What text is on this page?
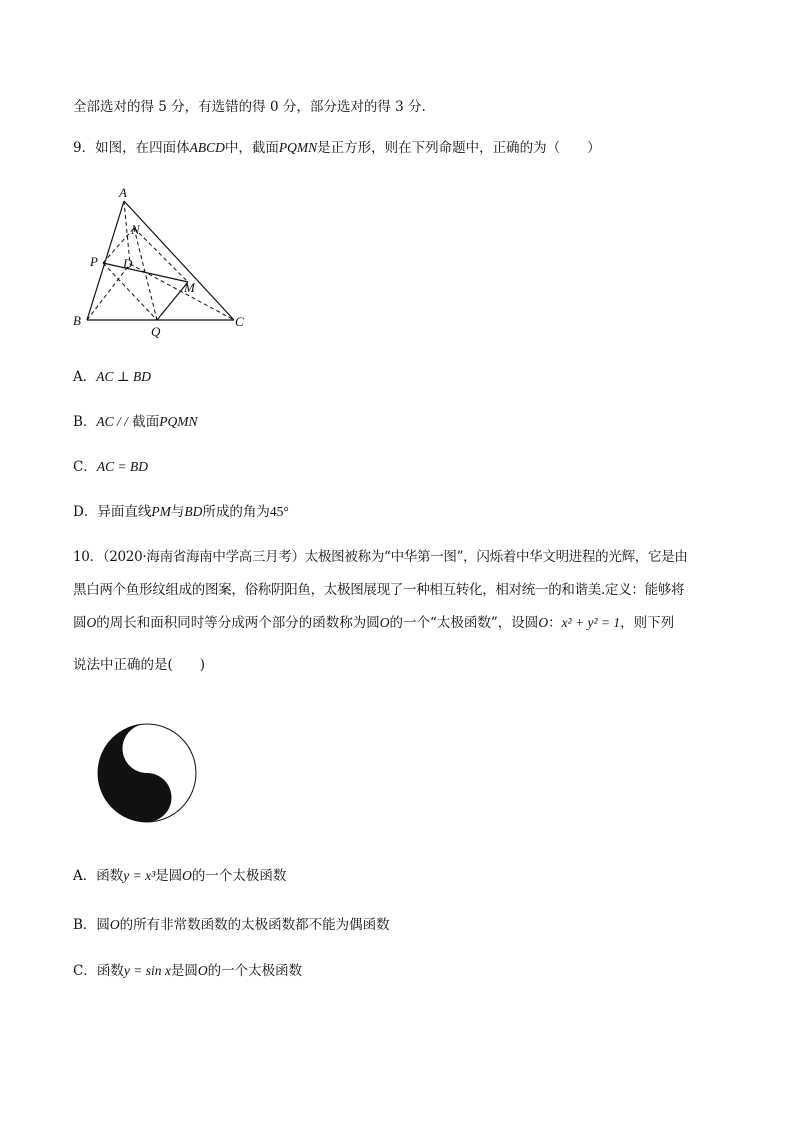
全部选对的得 5 分，有选错的得 0 分，部分选对的得 3 分.
9．如图，在四面体ABCD中，截面PQMN是正方形，则在下列命题中，正确的为（　　）
A
B	C
D
P
Q
M
N
A．AC ⊥ BD
B．AC / / 截面PQMN
C．AC = BD
D．异面直线PM与BD所成的角为45°
10．（2020·海南省海南中学高三月考）太极图被称为“中华第一图”，闪烁着中华文明进程的光辉，它是由
黑白两个鱼形纹组成的图案，俗称阴阳鱼，太极图展现了一种相互转化，相对统一的和谐美.定义：能够将
圆O的周长和面积同时等分成两个部分的函数称为圆O的一个“太极函数”，设圆O：x² + y² = 1，则下列
说法中正确的是(　　)
A．函数y = x³是圆O的一个太极函数
B．圆O的所有非常数函数的太极函数都不能为偶函数
C．函数y = sin x是圆O的一个太极函数
